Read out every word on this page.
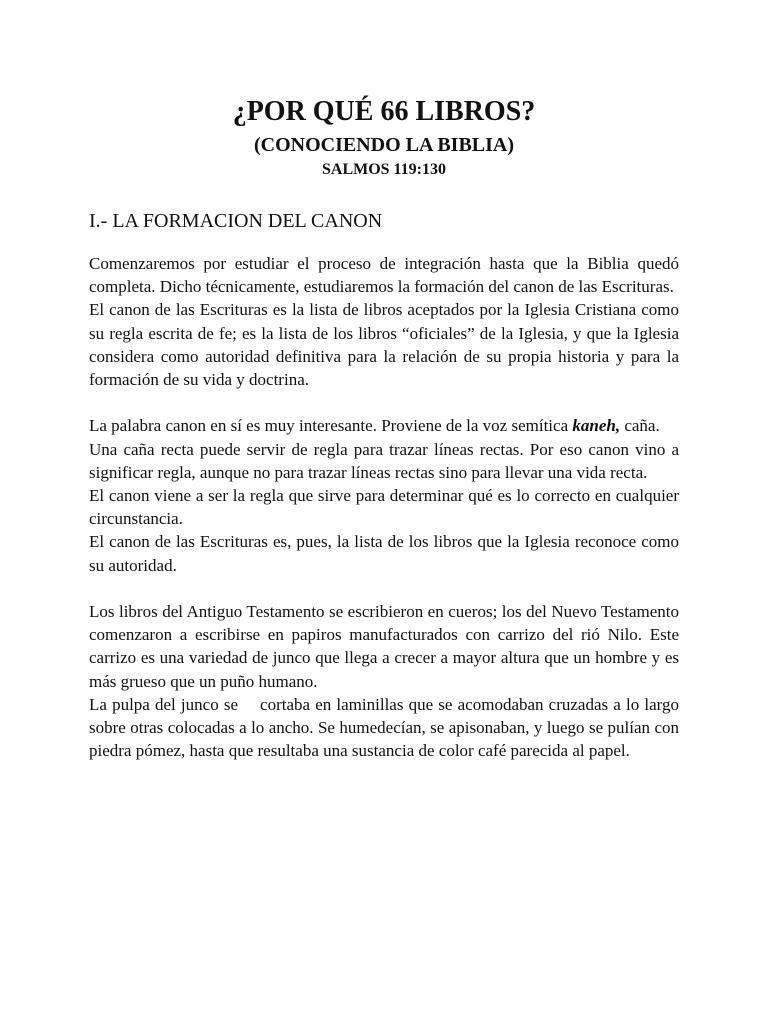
¿POR QUÉ 66 LIBROS?
(CONOCIENDO LA BIBLIA)
SALMOS 119:130
I.- LA FORMACION DEL CANON

Comenzaremos por estudiar el proceso de integración hasta que la Biblia quedó completa. Dicho técnicamente, estudiaremos la formación del canon de las Escrituras.

El canon de las Escrituras es la lista de libros aceptados por la Iglesia Cristiana como su regla escrita de fe; es la lista de los libros “oficiales” de la Iglesia, y que la Iglesia considera como autoridad definitiva para la relación de su propia historia y para la formación de su vida y doctrina.

La palabra canon en sí es muy interesante. Proviene de la voz semítica kaneh, caña.

Una caña recta puede servir de regla para trazar líneas rectas. Por eso canon vino a significar regla, aunque no para trazar líneas rectas sino para llevar una vida recta.

El canon viene a ser la regla que sirve para determinar qué es lo correcto en cualquier circunstancia.

El canon de las Escrituras es, pues, la lista de los libros que la Iglesia reconoce como su autoridad.

Los libros del Antiguo Testamento se escribieron en cueros; los del Nuevo Testamento comenzaron a escribirse en papiros manufacturados con carrizo del rió Nilo. Este carrizo es una variedad de junco que llega a crecer a mayor altura que un hombre y es más grueso que un puño humano.

La pulpa del junco se cortaba en laminillas que se acomodaban cruzadas a lo largo sobre otras colocadas a lo ancho. Se humedecían, se apisonaban, y luego se pulían con piedra pómez, hasta que resultaba una sustancia de color café parecida al papel.
